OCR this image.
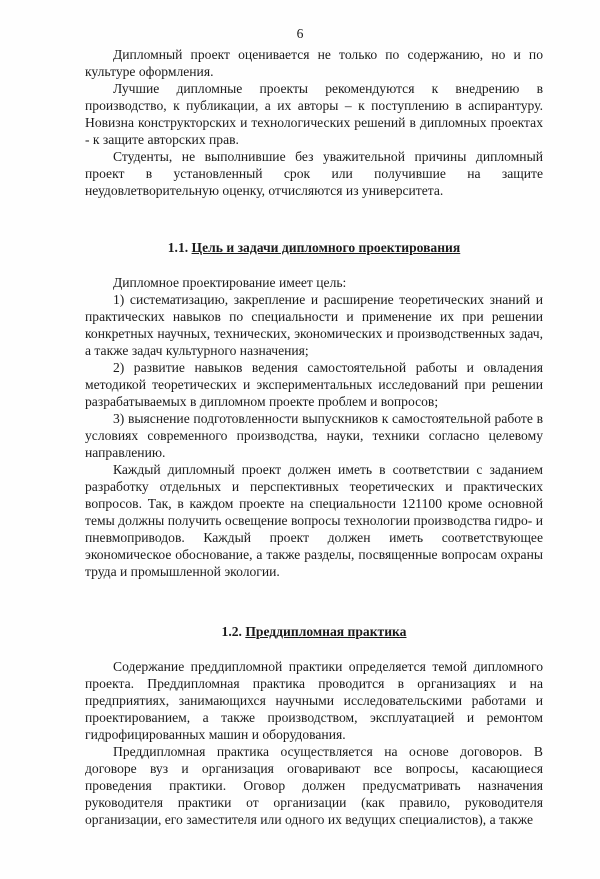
6

Дипломный проект оценивается не только по содержанию, но и по культуре оформления.

Лучшие дипломные проекты рекомендуются к внедрению в производство, к публикации, а их авторы – к поступлению в аспирантуру. Новизна конструкторских и технологических решений в дипломных проектах - к защите авторских прав.

Студенты, не выполнившие без уважительной причины дипломный проект в установленный срок или получившие на защите неудовлетворительную оценку, отчисляются из университета.

1.1. Цель и задачи дипломного проектирования

Дипломное проектирование имеет цель:

1) систематизацию, закрепление и расширение теоретических знаний и практических навыков по специальности и применение их при решении конкретных научных, технических, экономических и производственных задач, а также задач культурного назначения;

2) развитие навыков ведения самостоятельной работы и овладения методикой теоретических и экспериментальных исследований при решении разрабатываемых в дипломном проекте проблем и вопросов;

3) выяснение подготовленности выпускников к самостоятельной работе в условиях современного производства, науки, техники согласно целевому направлению.

Каждый дипломный проект должен иметь в соответствии с заданием разработку отдельных и перспективных теоретических и практических вопросов. Так, в каждом проекте на специальности 121100 кроме основной темы должны получить освещение вопросы технологии производства гидро- и пневмоприводов. Каждый проект должен иметь соответствующее экономическое обоснование, а также разделы, посвященные вопросам охраны труда и промышленной экологии.

1.2. Преддипломная практика

Содержание преддипломной практики определяется темой дипломного проекта. Преддипломная практика проводится в организациях и на предприятиях, занимающихся научными исследовательскими работами и проектированием, а также производством, эксплуатацией и ремонтом гидрофицированных машин и оборудования.

Преддипломная практика осуществляется на основе договоров. В договоре вуз и организация оговаривают все вопросы, касающиеся проведения практики. Оговор должен предусматривать назначения руководителя практики от организации (как правило, руководителя организации, его заместителя или одного их ведущих специалистов), а также
